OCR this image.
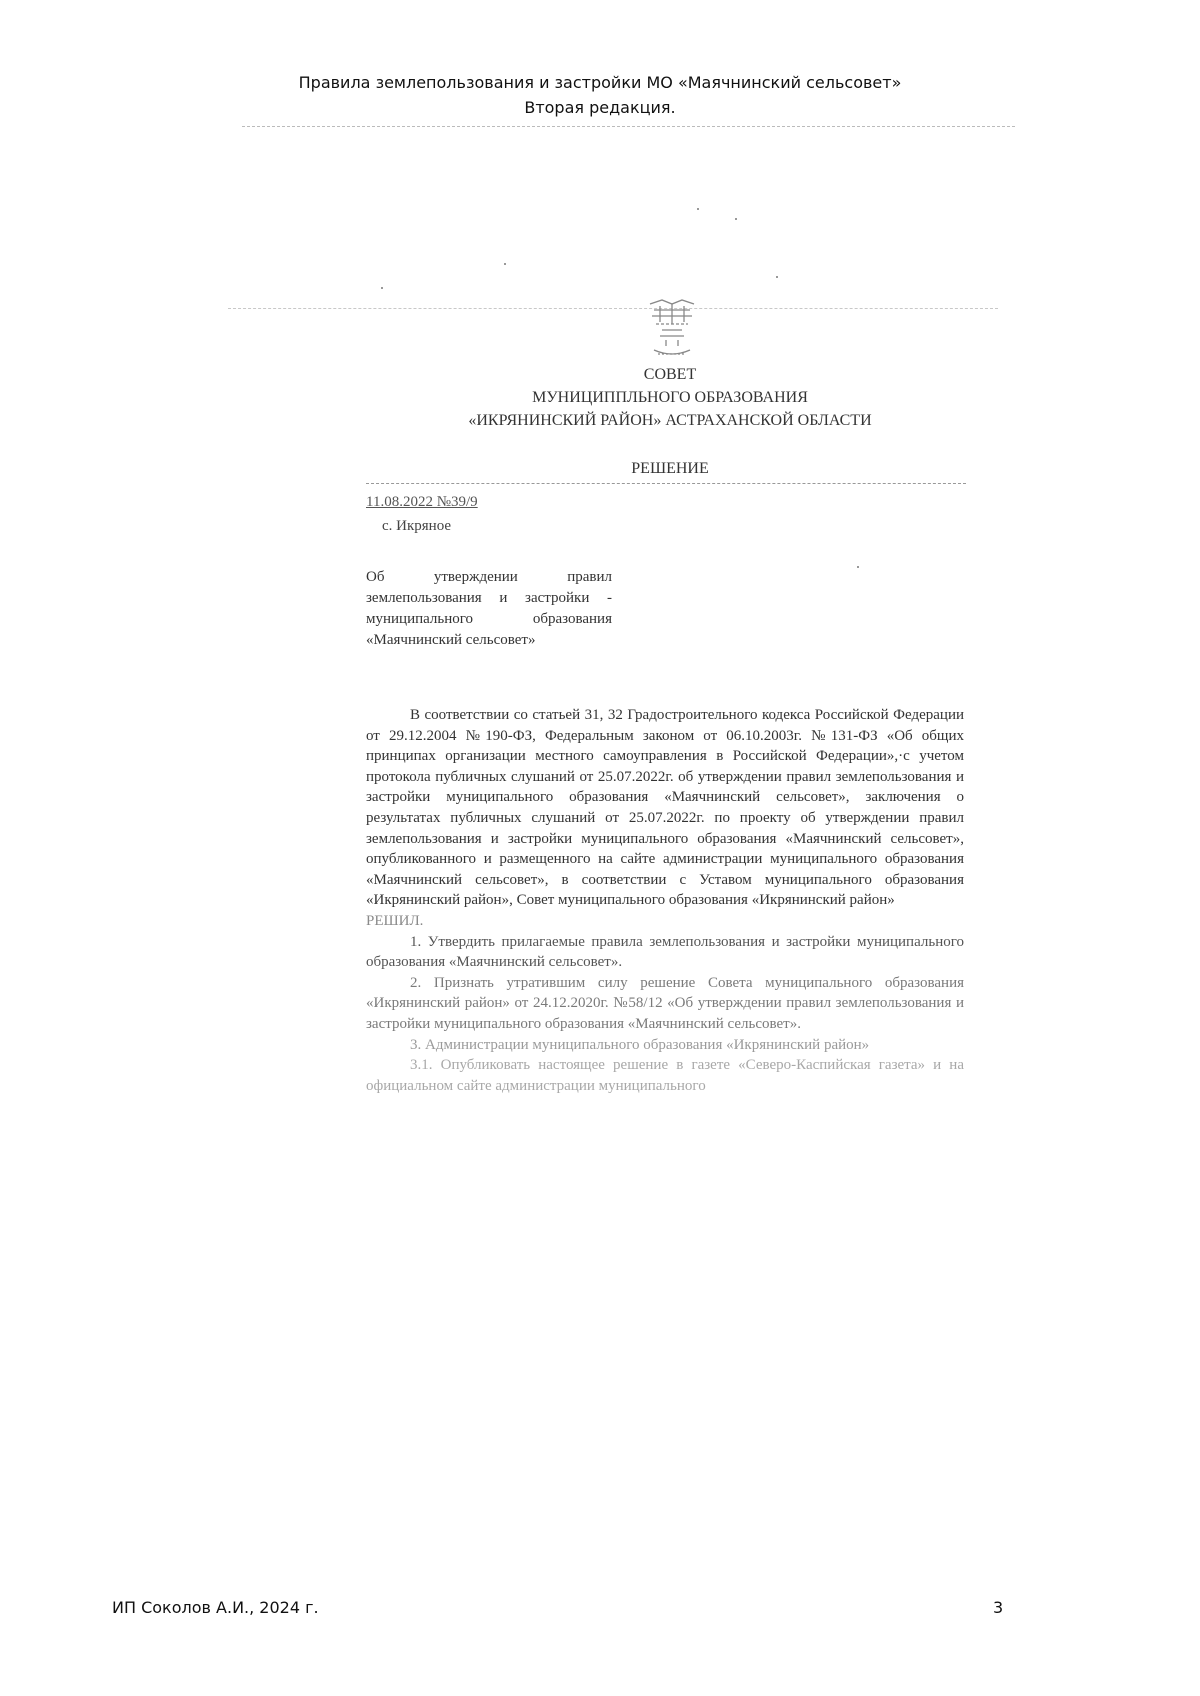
Правила землепользования и застройки МО «Маячнинский сельсовет»
Вторая редакция.
СОВЕТ
МУНИЦИППЛЬНОГО ОБРАЗОВАНИЯ
«ИКРЯНИНСКИЙ РАЙОН» АСТРАХАНСКОЙ ОБЛАСТИ
РЕШЕНИЕ
11.08.2022 №39/9
с. Икряное
Об утверждении правил
землепользования и застройки -
муниципального образования
«Маячнинский сельсовет»

В соответствии со статьей 31, 32 Градостроительного кодекса Российской Федерации от 29.12.2004 №190-ФЗ, Федеральным законом от 06.10.2003г. №131-ФЗ «Об общих принципах организации местного самоуправления в Российской Федерации»,·с учетом протокола публичных слушаний от 25.07.2022г. об утверждении правил землепользования и застройки муниципального образования «Маячнинский сельсовет», заключения о результатах публичных слушаний от 25.07.2022г. по проекту об утверждении правил землепользования и застройки муниципального образования «Маячнинский сельсовет», опубликованного и размещенного на сайте администрации муниципального образования «Маячнинский сельсовет», в соответствии с Уставом муниципального образования «Икрянинский район», Совет муниципального образования «Икрянинский район»

РЕШИЛ.

1. Утвердить прилагаемые правила землепользования и застройки муниципального образования «Маячнинский сельсовет».

2. Признать утратившим силу решение Совета муниципального образования «Икрянинский район» от 24.12.2020г. №58/12 «Об утверждении правил землепользования и застройки муниципального образования «Маячнинский сельсовет».

3. Администрации муниципального образования «Икрянинский район»

3.1. Опубликовать настоящее решение в газете «Северо-Каспийская газета» и на официальном сайте администрации муниципального

ИП Соколов А.И., 2024 г.	3
